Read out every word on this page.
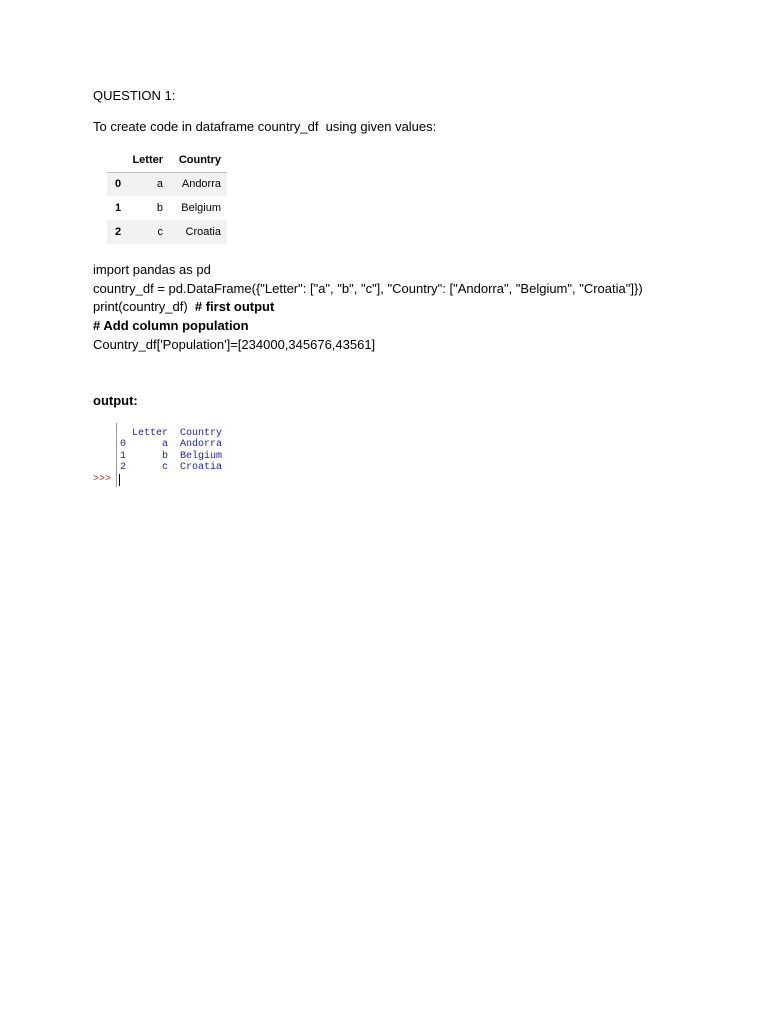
QUESTION 1:
To create code in dataframe country_df  using given values:
	Letter	Country
0	a	Andorra
1	b	Belgium
2	c	Croatia
import pandas as pd
country_df = pd.DataFrame({"Letter": ["a", "b", "c"], "Country": ["Andorra", "Belgium", "Croatia"]})
print(country_df)  # first output
# Add column population
Country_df['Population']=[234000,345676,43561]
output:
Letter  Country
0      a  Andorra
1      b  Belgium
2      c  Croatia
>>>
